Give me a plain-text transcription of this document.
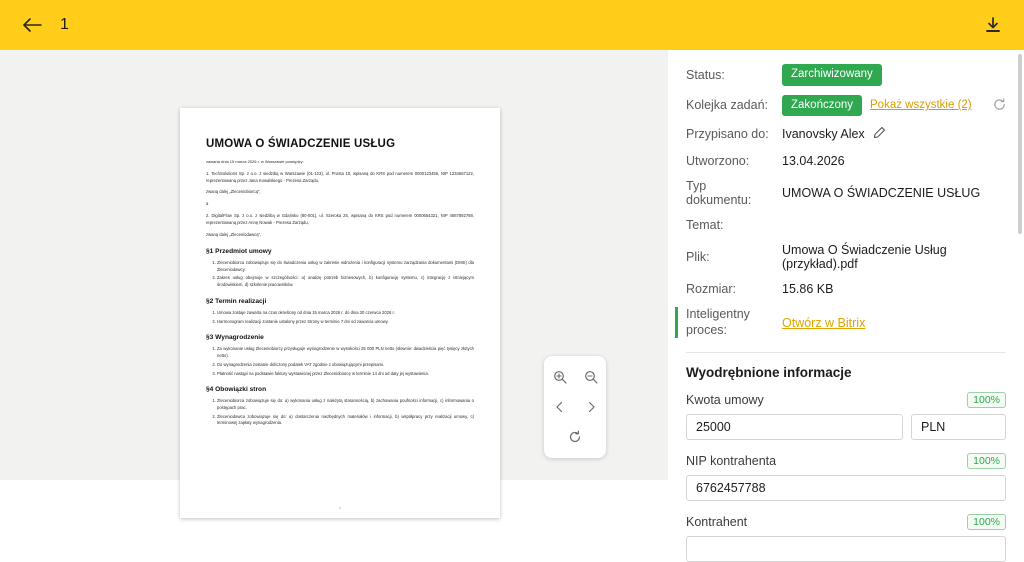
1
UMOWA O ŚWIADCZENIE USŁUG

zawarta dnia 15 marca 2026 r. w Warszawie pomiędzy:

1. TechSolutions Sp. z o.o. z siedzibą w Warszawie (01-123), ul. Prosta 10, wpisaną do KRS pod numerem 0000123456, NIP 1234567122, reprezentowaną przez Jana Kowalskiego - Prezesa Zarządu,

zwaną dalej „Zleceniobiorcą",

a

2. DigitalFlow Sp. z o.o. z siedzibą w Gdańsku (80-001), ul. Szeroka 25, wpisaną do KRS pod numerem 0000654321, NIP 4567892788, reprezentowaną przez Annę Nowak - Prezesa Zarządu,

zwaną dalej „Zleceniodawcą",

§1 Przedmiot umowy
1. Zleceniobiorca zobowiązuje się do świadczenia usług w zakresie wdrożenia i konfiguracji systemu zarządzania dokumentami (DMS) dla Zleceniodawcy.
2. Zakres usług obejmuje w szczególności: a) analizę potrzeb biznesowych, b) konfigurację systemu, c) integrację z istniejącym środowiskiem, d) szkolenie pracowników.
§2 Termin realizacji
1. Umowa zostaje zawarta na czas określony od dnia 15 marca 2026 r. do dnia 30 czerwca 2026 r.
2. Harmonogram realizacji zostanie ustalony przez Strony w terminie 7 dni od zawarcia umowy.
§3 Wynagrodzenie
1. Za wykonanie usług Zleceniobiorcy przysługuje wynagrodzenie w wysokości 25 000 PLN netto (słownie: dwadzieścia pięć tysięcy złotych netto).
2. Do wynagrodzenia zostanie doliczony podatek VAT zgodnie z obowiązującymi przepisami.
3. Płatność nastąpi na podstawie faktury wystawionej przez Zleceniobiorcę w terminie 14 dni od daty jej wystawienia.
§4 Obowiązki stron
1. Zleceniobiorca zobowiązuje się do: a) wykonania usług z należytą starannością, b) zachowania poufności informacji, c) informowania o postępach prac.
2. Zleceniodawca zobowiązuje się do: a) dostarczenia niezbędnych materiałów i informacji, b) współpracy przy realizacji umowy, c) terminowej zapłaty wynagrodzenia.
1
Status:	Zarchiwizowany
Kolejka zadań:	Zakończony	Pokaż wszystkie (2)
Przypisano do:	Ivanovsky Alex
Utworzono:	13.04.2026
Typ dokumentu:	UMOWA O ŚWIADCZENIE USŁUG
Temat:
Plik:	Umowa O Świadczenie Usług (przykład).pdf
Rozmiar:	15.86 KB
Inteligentny proces:	Otwórz w Bitrix
Wyodrębnione informacje
Kwota umowy	100%
25000
PLN
NIP kontrahenta	100%
6762457788
Kontrahent	100%
